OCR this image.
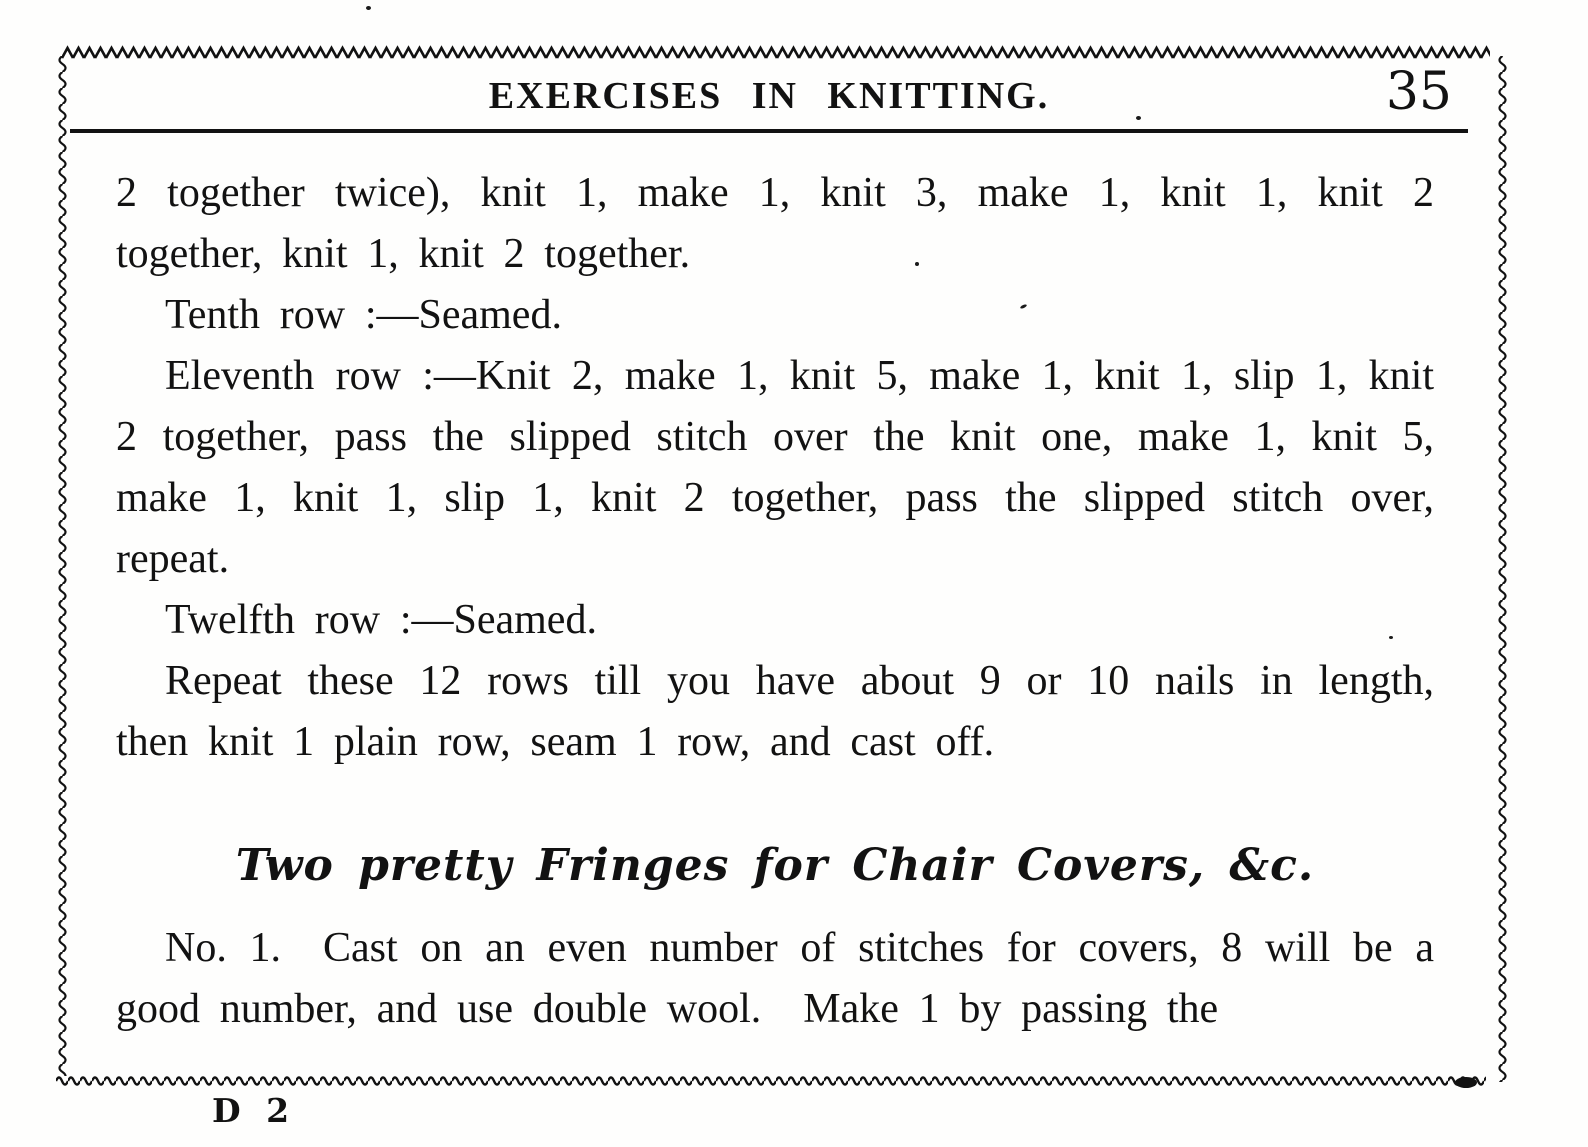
EXERCISES IN KNITTING.	35

2 together twice), knit 1, make 1, knit 3, make 1, knit 1, knit 2 together, knit 1, knit 2 together.

Tenth row :—Seamed.

Eleventh row :—Knit 2, make 1, knit 5, make 1, knit 1, slip 1, knit 2 together, pass the slipped stitch over the knit one, make 1, knit 5, make 1, knit 1, slip 1, knit 2 together, pass the slipped stitch over, repeat.

Twelfth row :—Seamed.

Repeat these 12 rows till you have about 9 or 10 nails in length, then knit 1 plain row, seam 1 row, and cast off.

Two pretty Fringes for Chair Covers, &c.

No. 1. Cast on an even number of stitches for covers, 8 will be a good number, and use double wool. Make 1 by passing the

D 2
